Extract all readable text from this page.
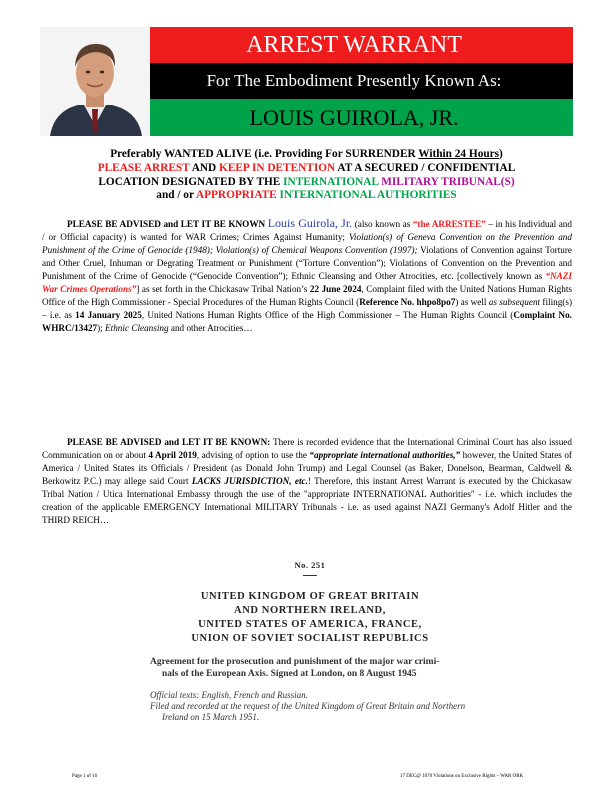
ARREST WARRANT
For The Embodiment Presently Known As:
LOUIS GUIROLA, JR.
Preferably WANTED ALIVE (i.e. Providing For SURRENDER Within 24 Hours)
PLEASE ARREST AND KEEP IN DETENTION AT A SECURED / CONFIDENTIAL
LOCATION DESIGNATED BY THE INTERNATIONAL MILITARY TRIBUNAL(S)
and / or APPROPRIATE INTERNATIONAL AUTHORITIES
PLEASE BE ADVISED and LET IT BE KNOWN Louis Guirola, Jr. (also known as “the ARRESTEE” – in his Individual and / or Official capacity) is wanted for WAR Crimes; Crimes Against Humanity; Violation(s) of Geneva Convention on the Prevention and Punishment of the Crime of Genocide (1948); Violation(s) of Chemical Weapons Convention (1997); Violations of Convention against Torture and Other Cruel, Inhuman or Degrating Treatment or Punishment (“Torture Convention”); Violations of Convention on the Prevention and Punishment of the Crime of Genocide (“Genocide Convention”); Ethnic Cleansing and Other Atrocities, etc. [collectively known as “NAZI War Crimes Operations”] as set forth in the Chickasaw Tribal Nation’s 22 June 2024, Complaint filed with the United Nations Human Rights Office of the High Commissioner - Special Procedures of the Human Rights Council (Reference No. hhpo8po7) as well as subsequent filing(s) – i.e. as 14 January 2025, United Nations Human Rights Office of the High Commissioner – The Human Rights Council (Complaint No. WHRC/13427); Ethnic Cleansing and other Atrocities…
PLEASE BE ADVISED and LET IT BE KNOWN: There is recorded evidence that the International Criminal Court has also issued Communication on or about 4 April 2019, advising of option to use the “appropriate international authorities,” however, the United States of America / United States its Officials / President (as Donald John Trump) and Legal Counsel (as Baker, Donelson, Bearman, Caldwell & Berkowitz P.C.) may allege said Court LACKS JURISDICTION, etc.! Therefore, this instant Arrest Warrant is executed by the Chickasaw Tribal Nation / Utica International Embassy through the use of the "appropriate INTERNATIONAL Authorities" - i.e. which includes the creation of the applicable EMERGENCY International MILITARY Tribunals - i.e. as used against NAZI Germany's Adolf Hitler and the THIRD REICH…
No. 251
UNITED KINGDOM OF GREAT BRITAIN
AND NORTHERN IRELAND,
UNITED STATES OF AMERICA, FRANCE,
UNION OF SOVIET SOCIALIST REPUBLICS
Agreement for the prosecution and punishment of the major war crimi-
nals of the European Axis. Signed at London, on 8 August 1945
Official texts: English, French and Russian.
Filed and recorded at the request of the United Kingdom of Great Britain and Northern
Ireland on 15 March 1951.
Page 1 of 16	17 DEC@ 1070 Violations on Exclusive Rights – WAR ORK
